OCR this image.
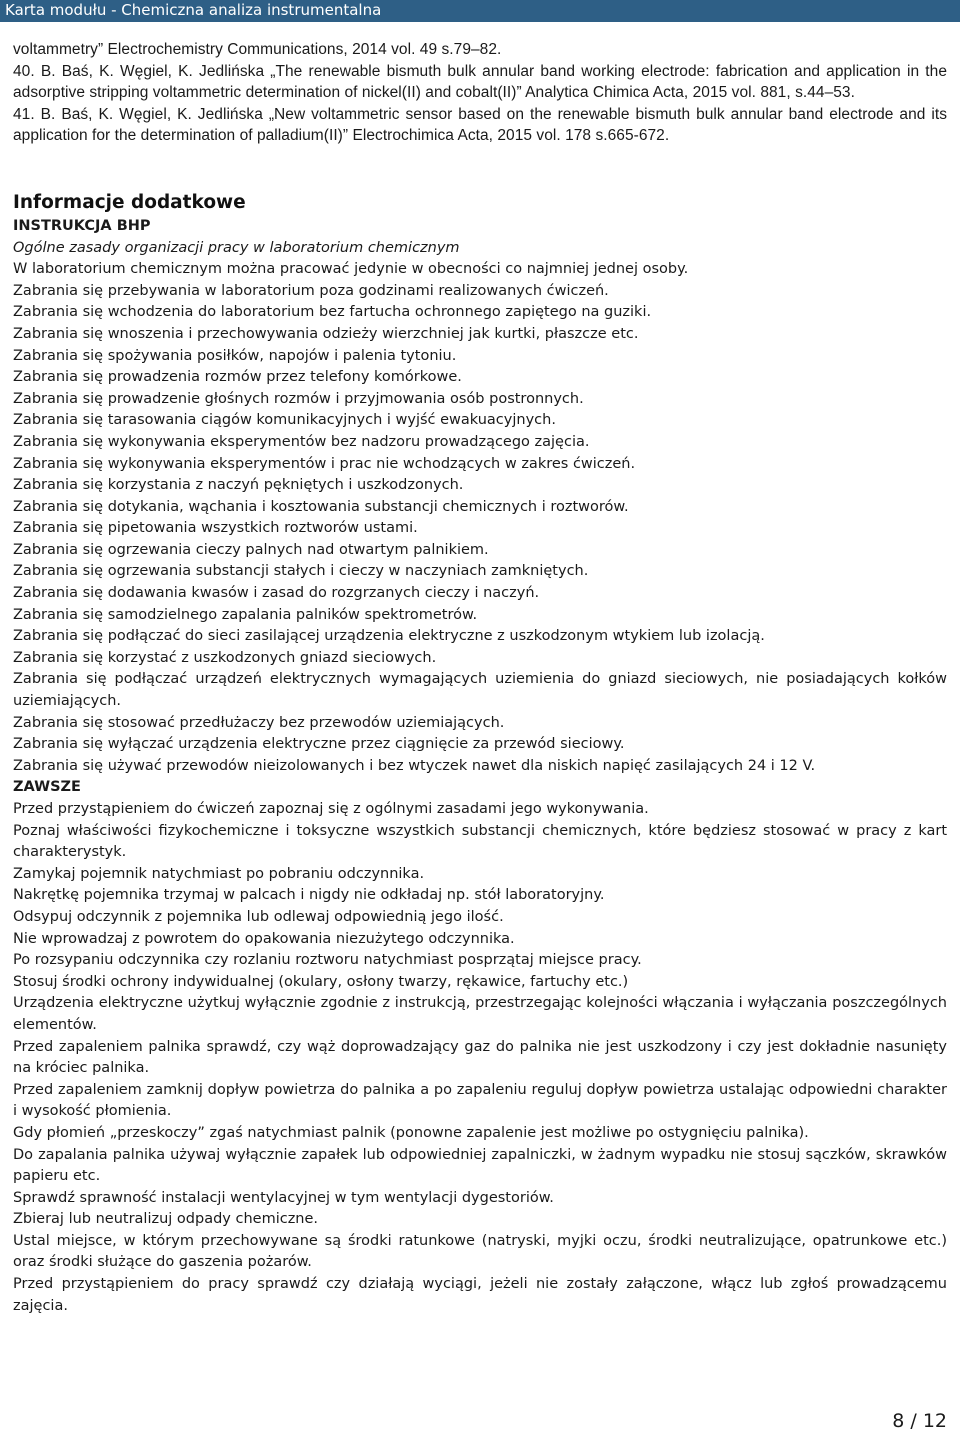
Karta modułu - Chemiczna analiza instrumentalna

voltammetry” Electrochemistry Communications, 2014 vol. 49 s.79–82.

40. B. Baś, K. Węgiel, K. Jedlińska „The renewable bismuth bulk annular band working electrode: fabrication and application in the adsorptive stripping voltammetric determination of nickel(II) and cobalt(II)” Analytica Chimica Acta, 2015 vol. 881, s.44–53.

41. B. Baś, K. Węgiel, K. Jedlińska „New voltammetric sensor based on the renewable bismuth bulk annular band electrode and its application for the determination of palladium(II)” Electrochimica Acta, 2015 vol. 178 s.665-672.

Informacje dodatkowe

INSTRUKCJA BHP

Ogólne zasady organizacji pracy w laboratorium chemicznym

W laboratorium chemicznym można pracować jedynie w obecności co najmniej jednej osoby.

Zabrania się przebywania w laboratorium poza godzinami realizowanych ćwiczeń.

Zabrania się wchodzenia do laboratorium bez fartucha ochronnego zapiętego na guziki.

Zabrania się wnoszenia i przechowywania odzieży wierzchniej jak kurtki, płaszcze etc.

Zabrania się spożywania posiłków, napojów i palenia tytoniu.

Zabrania się prowadzenia rozmów przez telefony komórkowe.

Zabrania się prowadzenie głośnych rozmów i przyjmowania osób postronnych.

Zabrania się tarasowania ciągów komunikacyjnych i wyjść ewakuacyjnych.

Zabrania się wykonywania eksperymentów bez nadzoru prowadzącego zajęcia.

Zabrania się wykonywania eksperymentów i prac nie wchodzących w zakres ćwiczeń.

Zabrania się korzystania z naczyń pękniętych i uszkodzonych.

Zabrania się dotykania, wąchania i kosztowania substancji chemicznych i roztworów.

Zabrania się pipetowania wszystkich roztworów ustami.

Zabrania się ogrzewania cieczy palnych nad otwartym palnikiem.

Zabrania się ogrzewania substancji stałych i cieczy w naczyniach zamkniętych.

Zabrania się dodawania kwasów i zasad do rozgrzanych cieczy i naczyń.

Zabrania się samodzielnego zapalania palników spektrometrów.

Zabrania się podłączać do sieci zasilającej urządzenia elektryczne z uszkodzonym wtykiem lub izolacją.

Zabrania się korzystać z uszkodzonych gniazd sieciowych.

Zabrania się podłączać urządzeń elektrycznych wymagających uziemienia do gniazd sieciowych, nie posiadających kołków uziemiających.

Zabrania się stosować przedłużaczy bez przewodów uziemiających.

Zabrania się wyłączać urządzenia elektryczne przez ciągnięcie za przewód sieciowy.

Zabrania się używać przewodów nieizolowanych i bez wtyczek nawet dla niskich napięć zasilających 24 i 12 V.

ZAWSZE

Przed przystąpieniem do ćwiczeń zapoznaj się z ogólnymi zasadami jego wykonywania.

Poznaj właściwości fizykochemiczne i toksyczne wszystkich substancji chemicznych, które będziesz stosować w pracy z kart charakterystyk.

Zamykaj pojemnik natychmiast po pobraniu odczynnika.

Nakrętkę pojemnika trzymaj w palcach i nigdy nie odkładaj np. stół laboratoryjny.

Odsypuj odczynnik z pojemnika lub odlewaj odpowiednią jego ilość.

Nie wprowadzaj z powrotem do opakowania niezużytego odczynnika.

Po rozsypaniu odczynnika czy rozlaniu roztworu natychmiast posprzątaj miejsce pracy.

Stosuj środki ochrony indywidualnej (okulary, osłony twarzy, rękawice, fartuchy etc.)

Urządzenia elektryczne użytkuj wyłącznie zgodnie z instrukcją, przestrzegając kolejności włączania i wyłączania poszczególnych elementów.

Przed zapaleniem palnika sprawdź, czy wąż doprowadzający gaz do palnika nie jest uszkodzony i czy jest dokładnie nasunięty na króciec palnika.

Przed zapaleniem zamknij dopływ powietrza do palnika a po zapaleniu reguluj dopływ powietrza ustalając odpowiedni charakter i wysokość płomienia.

Gdy płomień „przeskoczy” zgaś natychmiast palnik (ponowne zapalenie jest możliwe po ostygnięciu palnika).

Do zapalania palnika używaj wyłącznie zapałek lub odpowiedniej zapalniczki, w żadnym wypadku nie stosuj sączków, skrawków papieru etc.

Sprawdź sprawność instalacji wentylacyjnej w tym wentylacji dygestoriów.

Zbieraj lub neutralizuj odpady chemiczne.

Ustal miejsce, w którym przechowywane są środki ratunkowe (natryski, myjki oczu, środki neutralizujące, opatrunkowe etc.) oraz środki służące do gaszenia pożarów.

Przed przystąpieniem do pracy sprawdź czy działają wyciągi, jeżeli nie zostały załączone, włącz lub zgłoś prowadzącemu zajęcia.

8 / 12
